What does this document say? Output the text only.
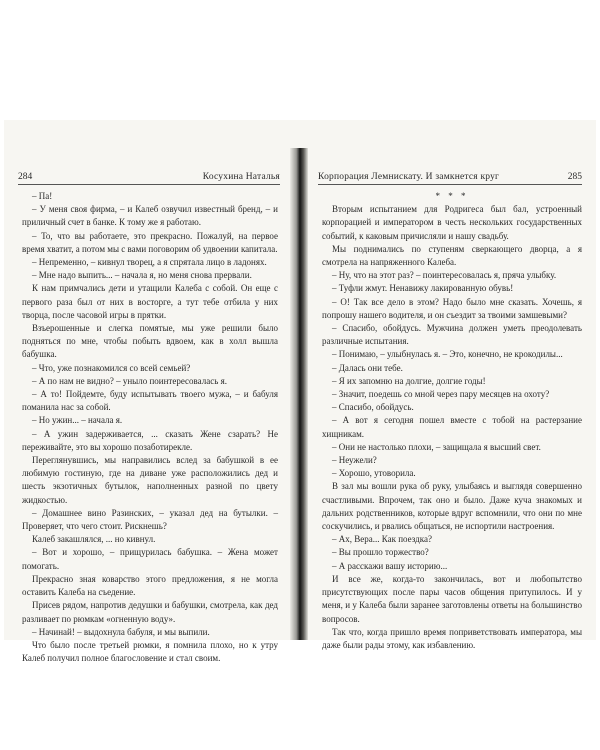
284	Косухина Наталья

– Па!

– У меня своя фирма, – и Калеб озвучил известный бренд, – и приличный счет в банке. К тому же я работаю.

– То, что вы работаете, это прекрасно. Пожалуй, на первое время хватит, а потом мы с вами поговорим об удвоении капитала.

– Непременно, – кивнул творец, а я спрятала лицо в ладонях.

– Мне надо выпить... – начала я, но меня снова прервали.

К нам примчались дети и утащили Калеба с собой. Он еще с первого раза был от них в восторге, а тут тебе отбила у них творца, после часовой игры в прятки.

Взъерошенные и слегка помятые, мы уже решили было подняться по мне, чтобы побыть вдвоем, как в холл вышла бабушка.

– Что, уже познакомился со всей семьей?

– А по нам не видно? – уныло поинтересовалась я.

– А то! Пойдемте, буду испытывать твоего мужа, – и бабуля поманила нас за собой.

– Но ужин... – начала я.

– А ужин задерживается, ... сказать Жене сзарать? Не переживайте, это вы хорошо позаботирекле.

Переглянувшись, мы направились вслед за бабушкой в ее любимую гостиную, где на диване уже расположились дед и шесть экзотичных бутылок, наполненных разной по цвету жидкостью.

– Домашнее вино Разинских, – указал дед на бутылки. – Проверяет, что чего стоит. Рискнешь?

Калеб закашлялся, ... но кивнул.

– Вот и хорошо, – прищурилась бабушка. – Жена может помогать.

Прекрасно зная коварство этого предложения, я не могла оставить Калеба на съедение.

Присев рядом, напротив дедушки и бабушки, смотрела, как дед разливает по рюмкам «огненную воду».

– Начинай! – выдохнула бабуля, и мы выпили.

Что было после третьей рюмки, я помнила плохо, но к утру Калеб получил полное благословение и стал своим.

Корпорация Лемнискату. И замкнется круг	285
* * *

Вторым испытанием для Родригеса был бал, устроенный корпорацией и императором в честь нескольких государственных событий, к каковым причисляли и нашу свадьбу.

Мы поднимались по ступеням сверкающего дворца, а я смотрела на напряженного Калеба.

– Ну, что на этот раз? – поинтересовалась я, пряча улыбку.

– Туфли жмут. Ненавижу лакированную обувь!

– О! Так все дело в этом? Надо было мне сказать. Хочешь, я попрошу нашего водителя, и он съездит за твоими замшевыми?

– Спасибо, обойдусь. Мужчина должен уметь преодолевать различные испытания.

– Понимаю, – улыбнулась я. – Это, конечно, не крокодилы...

– Далась они тебе.

– Я их запомню на долгие, долгие годы!

– Значит, поедешь со мной через пару месяцев на охоту?

– Спасибо, обойдусь.

– А вот я сегодня пошел вместе с тобой на растерзание хищникам.

– Они не настолько плохи, – защищала я высший свет.

– Неужели?

– Хорошо, утоворила.

В зал мы вошли рука об руку, улыбаясь и выглядя совершенно счастливыми. Впрочем, так оно и было. Даже куча знакомых и дальних родственников, которые вдруг вспомнили, что они по мне соскучились, и рвались общаться, не испортили настроения.

– Ах, Вера... Как поездка?

– Вы прошло торжество?

– А расскажи вашу историю...

И все же, когда-то закончилась, вот и любопытство присутствующих после пары часов общения притупилось. И у меня, и у Калеба были заранее заготовлены ответы на большинство вопросов.

Так что, когда пришло время поприветствовать императора, мы даже были рады этому, как избавлению.
